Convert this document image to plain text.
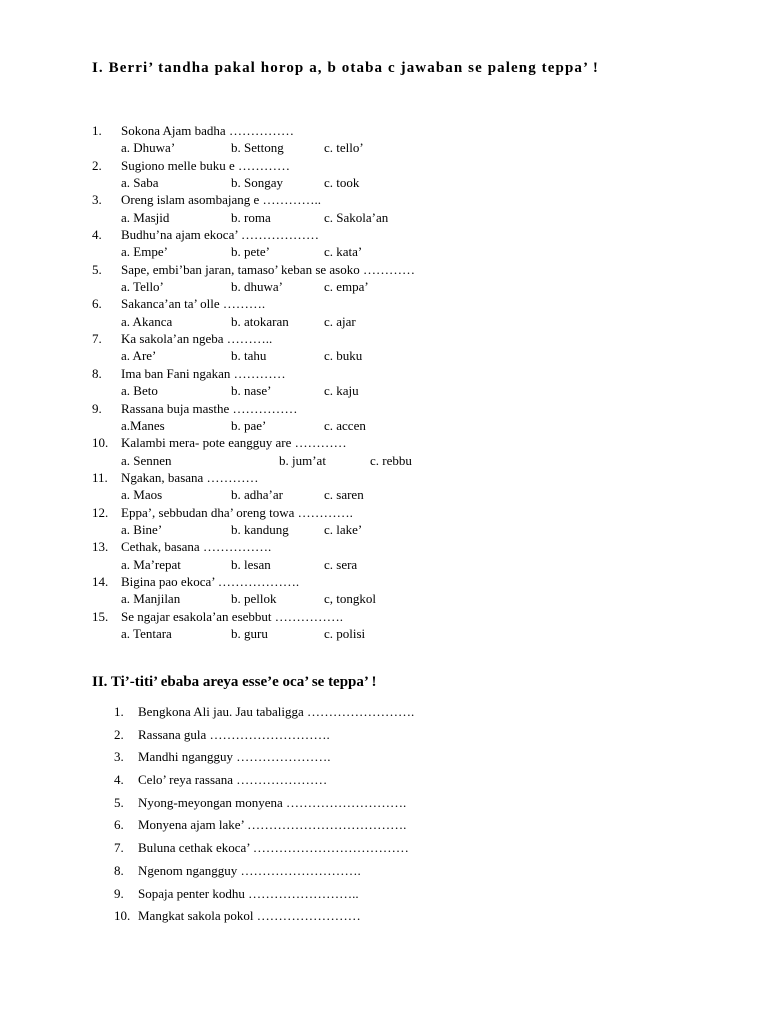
I. Berri’ tandha pakal horop a, b otaba c jawaban se paleng teppa’ !
1.	Sokona Ajam badha ……………
a. Dhuwa’	b. Settong	c. tello’
2.	Sugiono melle buku e …………
a. Saba	b. Songay	c. took
3.	Oreng islam asombajang e …………..
a. Masjid	b. roma	c. Sakola’an
4.	Budhu’na ajam ekoca’ ………………
a. Empe’	b. pete’	c. kata’
5.	Sape, embi’ban jaran, tamaso’ keban se asoko …………
a. Tello’	b. dhuwa’	c. empa’
6.	Sakanca’an ta’ olle ……….
a. Akanca	b. atokaran	c. ajar
7.	Ka sakola’an ngeba ………..
a. Are’	b. tahu	c. buku
8.	Ima ban Fani ngakan …………
a. Beto	b. nase’	c. kaju
9.	Rassana buja masthe ……………
a.Manes	b. pae’	c. accen
10. Kalambi mera- pote eangguy are …………
a. Sennen	b. jum’at	c. rebbu
11.	Ngakan, basana …………
a. Maos	b. adha’ar	c. saren
12. Eppa’, sebbudan dha’ oreng towa ………….
a. Bine’	b. kandung	c. lake’
13. Cethak, basana …………….
a. Ma’repat	b. lesan	c. sera
14. Bigina pao ekoca’ ……………….
a. Manjilan	b. pellok	c, tongkol
15. Se ngajar esakola’an esebbut …………….
a. Tentara	b. guru	c. polisi
II. Ti’-titi’ ebaba areya esse’e oca’ se teppa’ !
1.	Bengkona Ali jau. Jau tabaligga …………………….
2.	Rassana gula ……………………….
3.	Mandhi ngangguy ………………….
4.	Celo’ reya rassana …………………
5.	Nyong-meyongan monyena ……………………….
6.	Monyena ajam lake’ ……………………………….
7.	Buluna cethak ekoca’ ………………………………
8.	Ngenom ngangguy ……………………….
9.	Sopaja penter kodhu ……………………..
10. Mangkat sakola pokol ……………………
